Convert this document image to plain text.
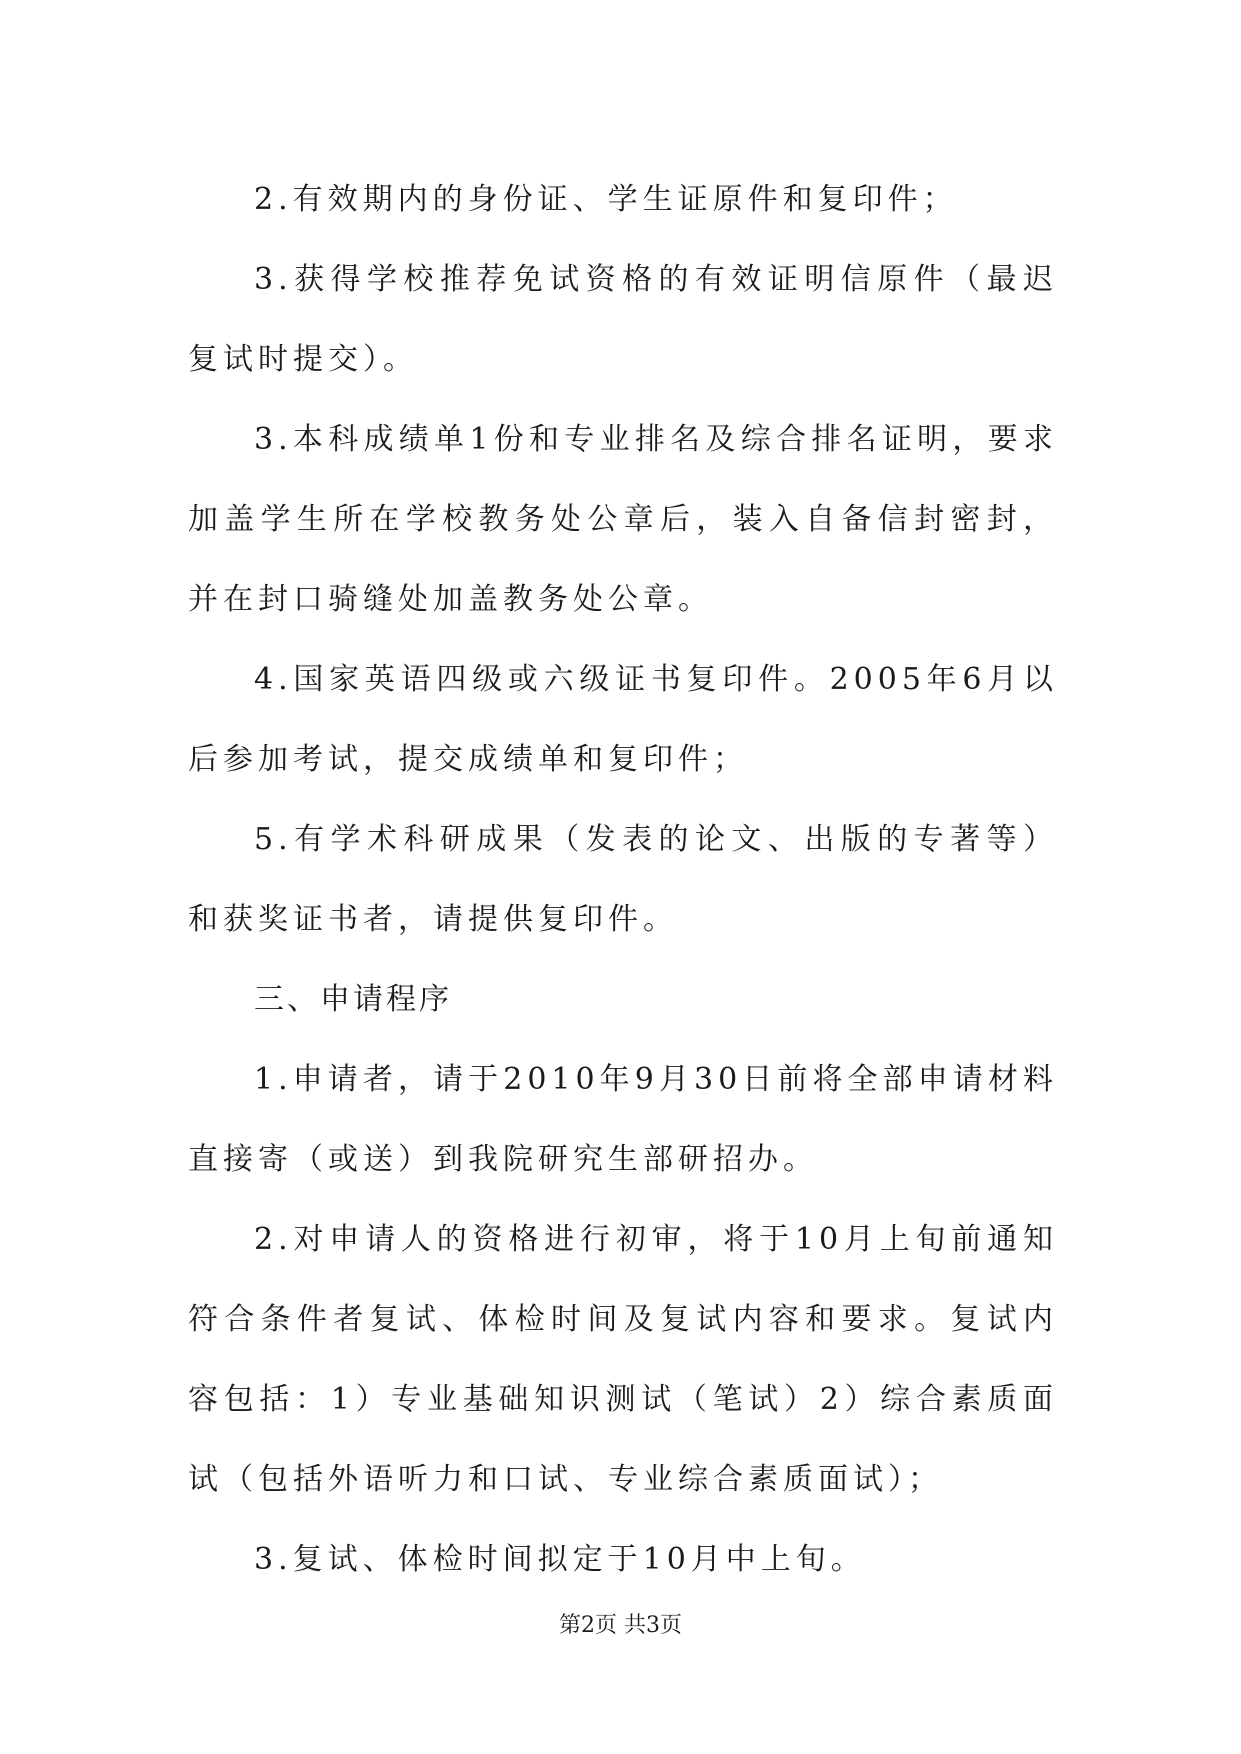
2.有效期内的身份证、学生证原件和复印件；

3.获得学校推荐免试资格的有效证明信原件（最迟复试时提交）。

3.本科成绩单1份和专业排名及综合排名证明，要求加盖学生所在学校教务处公章后，装入自备信封密封，并在封口骑缝处加盖教务处公章。

4.国家英语四级或六级证书复印件。2005年6月以后参加考试，提交成绩单和复印件；

5.有学术科研成果（发表的论文、出版的专著等）和获奖证书者，请提供复印件。

三、申请程序

1.申请者，请于2010年9月30日前将全部申请材料直接寄（或送）到我院研究生部研招办。

2.对申请人的资格进行初审，将于10月上旬前通知符合条件者复试、体检时间及复试内容和要求。复试内容包括：1）专业基础知识测试（笔试）2）综合素质面试（包括外语听力和口试、专业综合素质面试）；

3.复试、体检时间拟定于10月中上旬。

第2页 共3页
